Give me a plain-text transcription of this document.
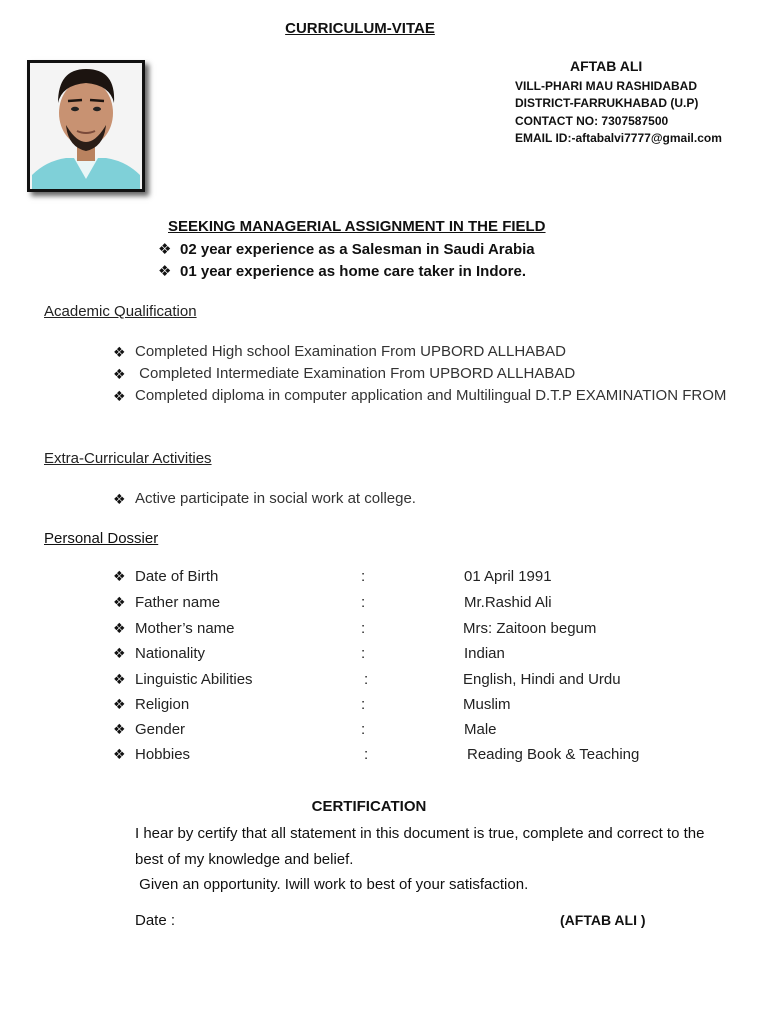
CURRICULUM-VITAE
AFTAB ALI
VILL-PHARI MAU RASHIDABAD
DISTRICT-FARRUKHABAD (U.P)
CONTACT NO: 7307587500
EMAIL ID:-aftabalvi7777@gmail.com
SEEKING MANAGERIAL ASSIGNMENT IN THE FIELD
❖ 02 year experience as a Salesman in Saudi Arabia
❖ 01 year experience as home care taker in Indore.
Academic Qualification
❖ Completed High school Examination From UPBORD ALLHABAD
❖ Completed Intermediate Examination From UPBORD ALLHABAD
❖ Completed diploma in computer application and Multilingual D.T.P EXAMINATION FROM
Extra-Curricular Activities
❖ Active participate in social work at college.
Personal Dossier
❖ Date of Birth	:	01 April 1991
❖ Father name	:	Mr.Rashid Ali
❖ Mother’s name	:	Mrs: Zaitoon begum
❖ Nationality	:	Indian
❖ Linguistic Abilities	:	English, Hindi and Urdu
❖ Religion	:	Muslim
❖ Gender	:	Male
❖ Hobbies	:	Reading Book & Teaching
CERTIFICATION
I hear by certify that all statement in this document is true, complete and correct to the best of my knowledge and belief.
Given an opportunity. Iwill work to best of your satisfaction.
Date :	(AFTAB ALI )
